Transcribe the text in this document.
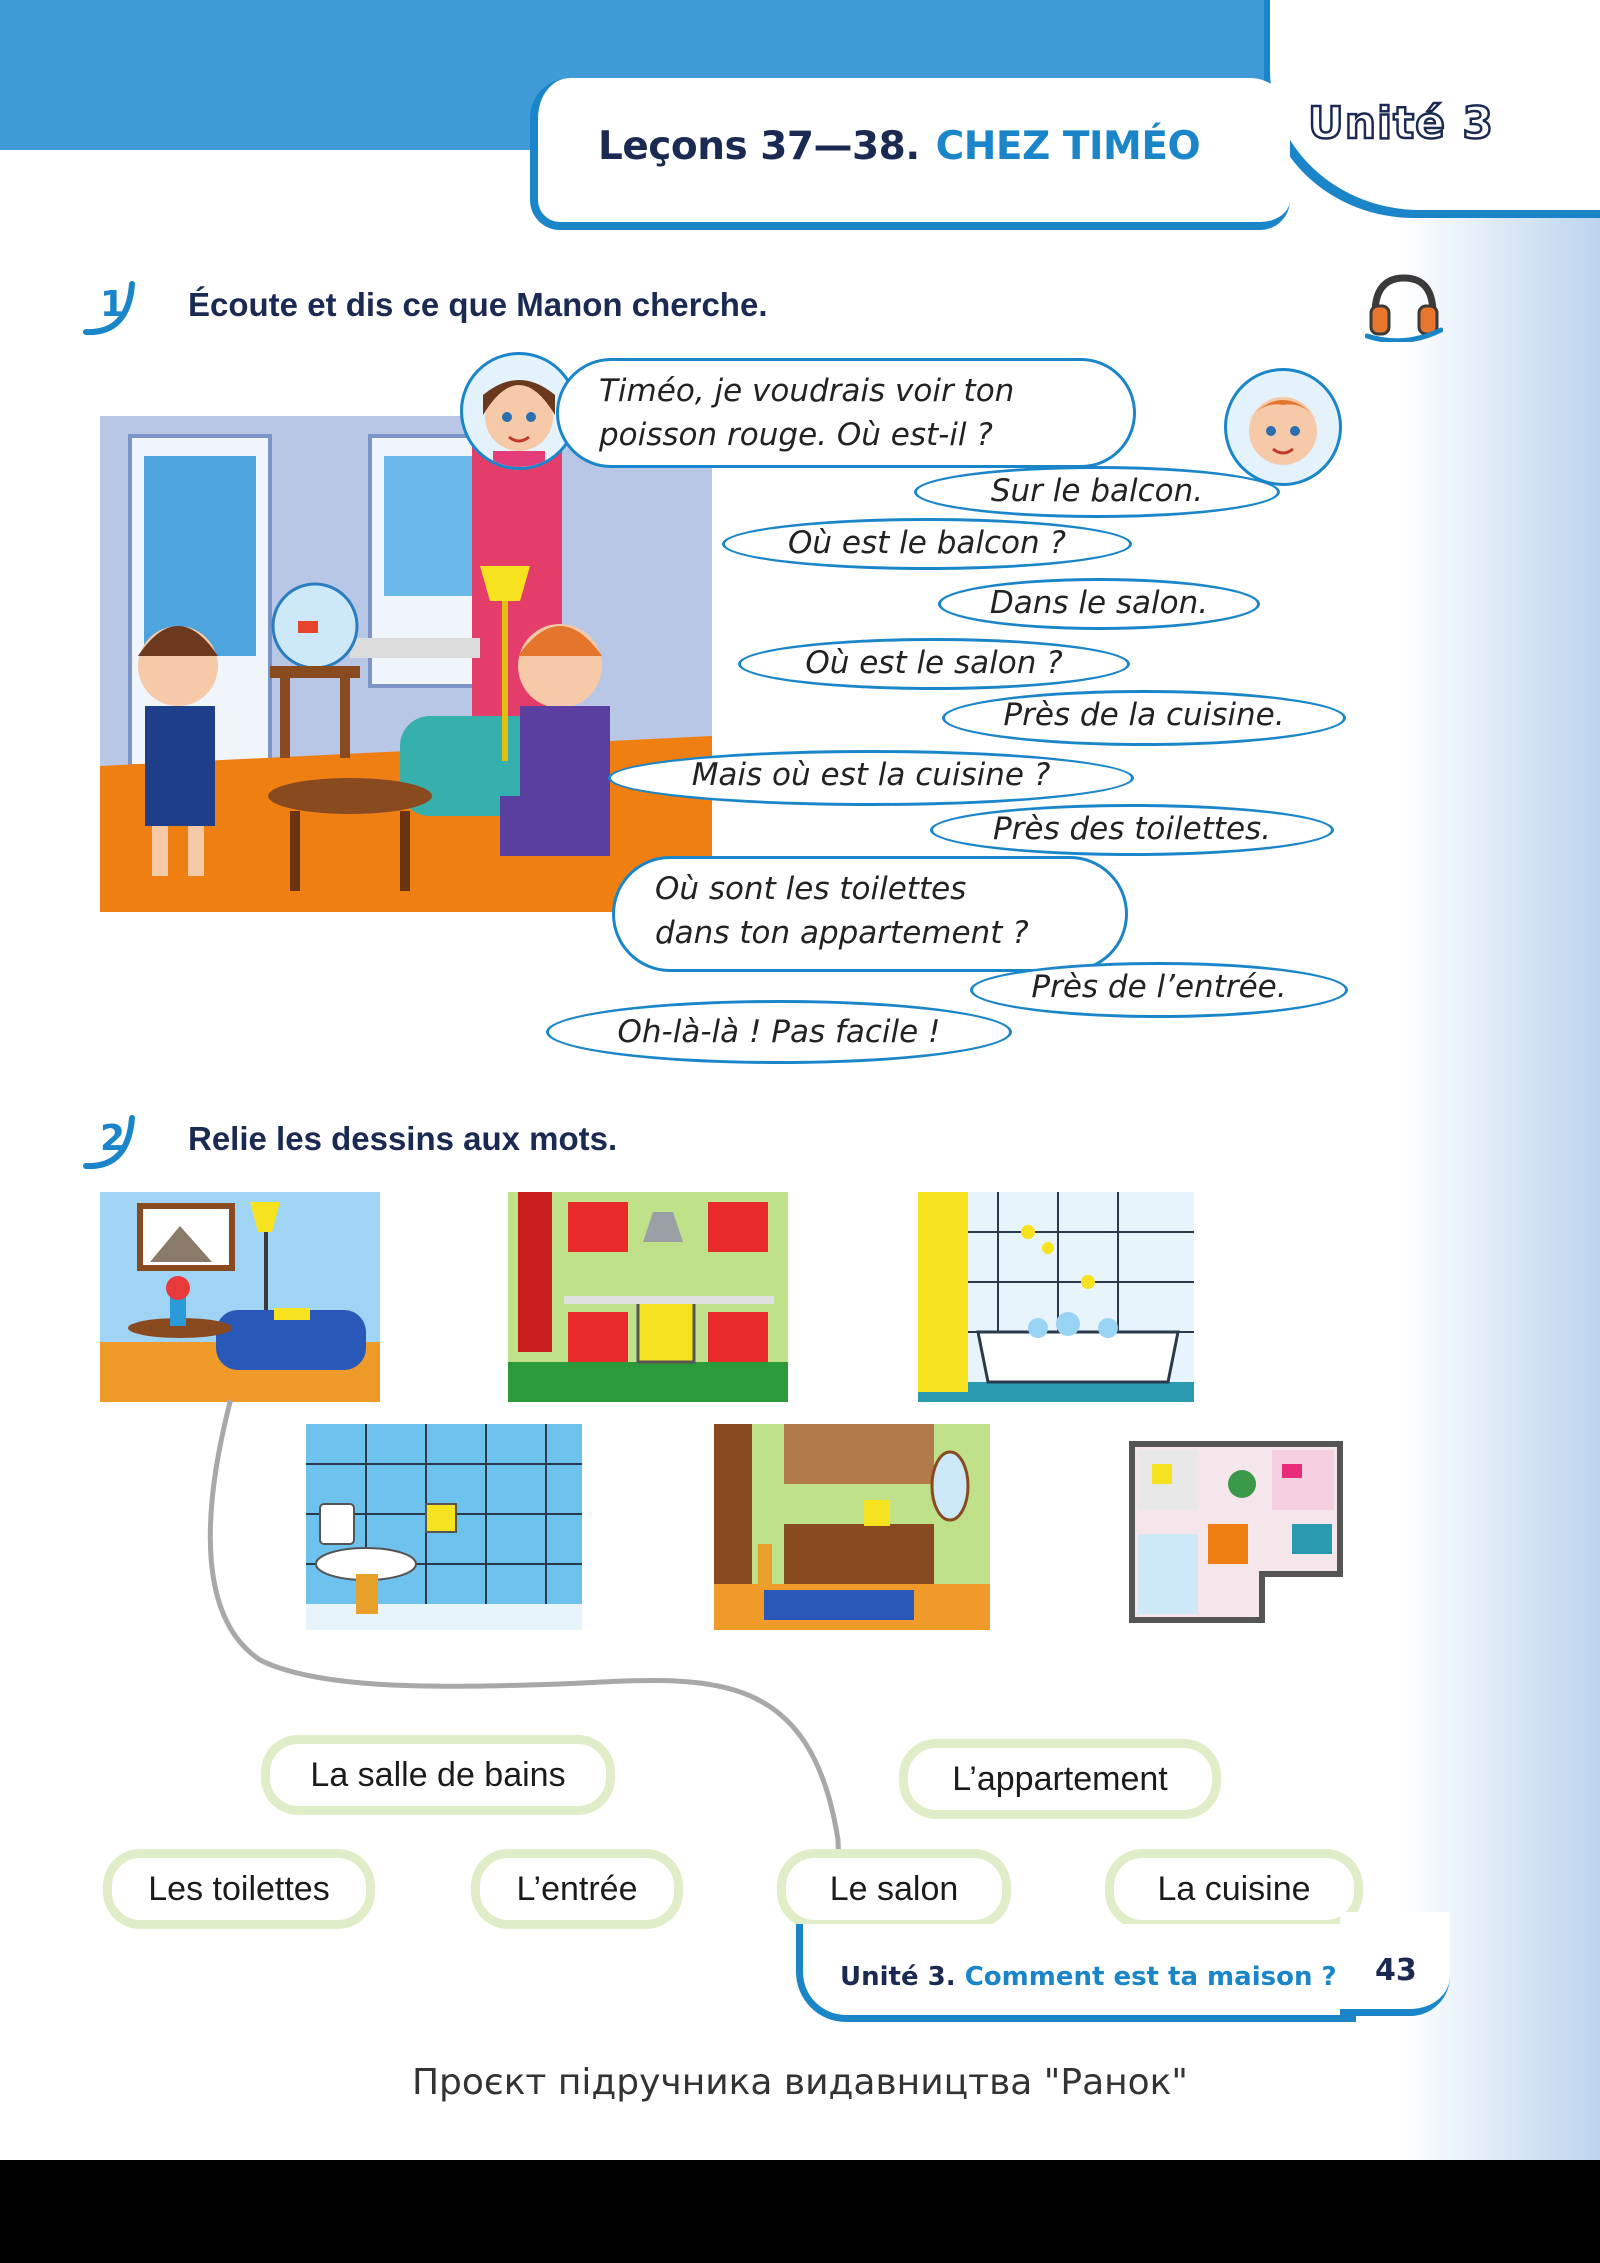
Unité 3
Leçons 37—38. CHEZ TIMÉO
1 Écoute et dis ce que Manon cherche.
Timéo, je voudrais voir ton
poisson rouge. Où est-il ?
Sur le balcon.
Où est le balcon ?
Dans le salon.
Où est le salon ?
Près de la cuisine.
Mais où est la cuisine ?
Près des toilettes.
Où sont les toilettes
dans ton appartement ?
Près de l’entrée.
Oh-là-là ! Pas facile !
2 Relie les dessins aux mots.
La salle de bains	L’appartement
Les toilettes	L’entrée	Le salon	La cuisine
Unité 3. Comment est ta maison ? 43
Проєкт підручника видавництва "Ранок"
